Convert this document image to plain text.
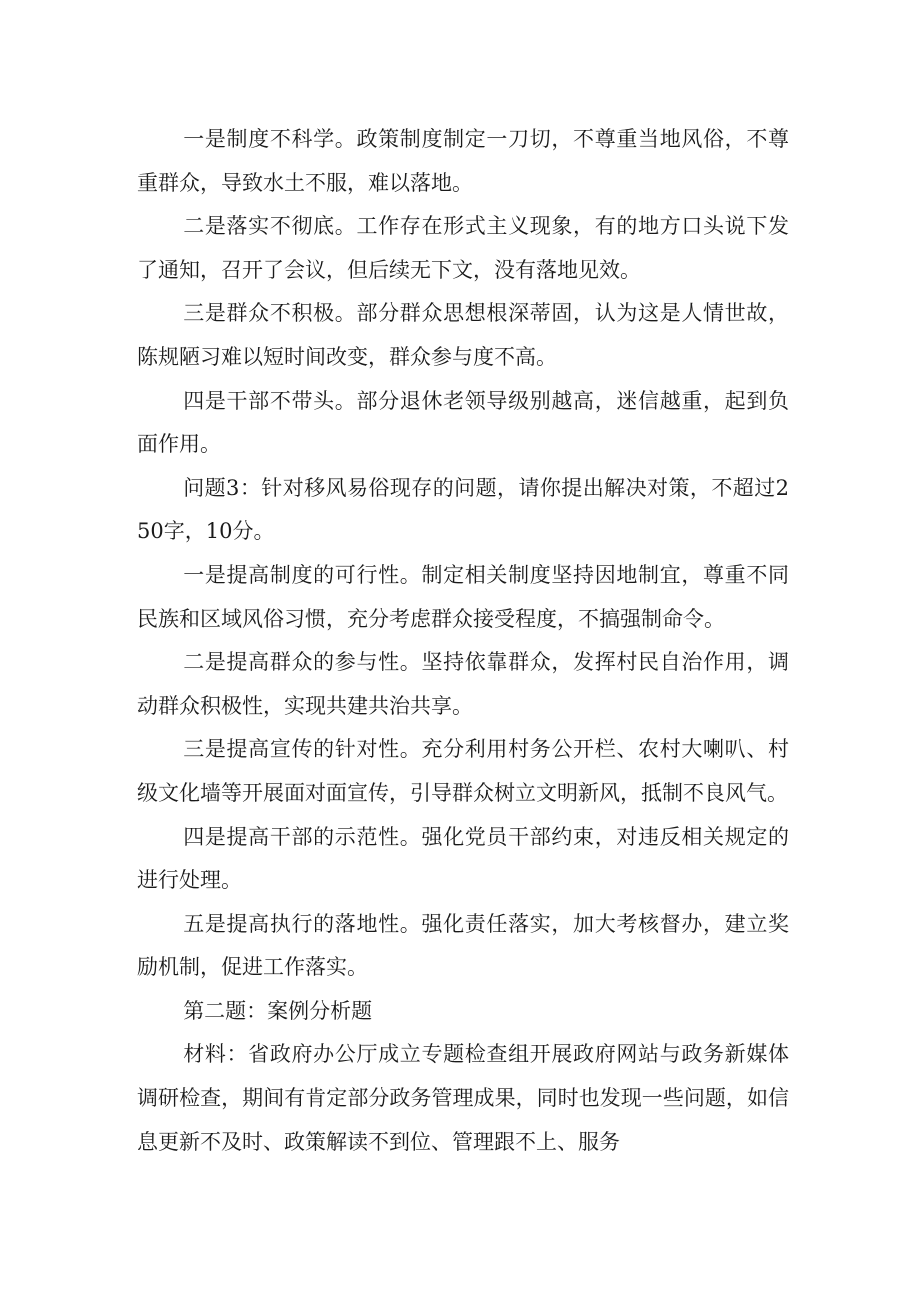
一是制度不科学。政策制度制定一刀切，不尊重当地风俗，不尊重群众，导致水土不服，难以落地。

二是落实不彻底。工作存在形式主义现象，有的地方口头说下发了通知，召开了会议，但后续无下文，没有落地见效。

三是群众不积极。部分群众思想根深蒂固，认为这是人情世故，陈规陋习难以短时间改变，群众参与度不高。

四是干部不带头。部分退休老领导级别越高，迷信越重，起到负面作用。

问题3：针对移风易俗现存的问题，请你提出解决对策，不超过250字，10分。

一是提高制度的可行性。制定相关制度坚持因地制宜，尊重不同民族和区域风俗习惯，充分考虑群众接受程度，不搞强制命令。

二是提高群众的参与性。坚持依靠群众，发挥村民自治作用，调动群众积极性，实现共建共治共享。

三是提高宣传的针对性。充分利用村务公开栏、农村大喇叭、村级文化墙等开展面对面宣传，引导群众树立文明新风，抵制不良风气。

四是提高干部的示范性。强化党员干部约束，对违反相关规定的进行处理。

五是提高执行的落地性。强化责任落实，加大考核督办，建立奖励机制，促进工作落实。

第二题：案例分析题

材料：省政府办公厅成立专题检查组开展政府网站与政务新媒体调研检查，期间有肯定部分政务管理成果，同时也发现一些问题，如信息更新不及时、政策解读不到位、管理跟不上、服务
